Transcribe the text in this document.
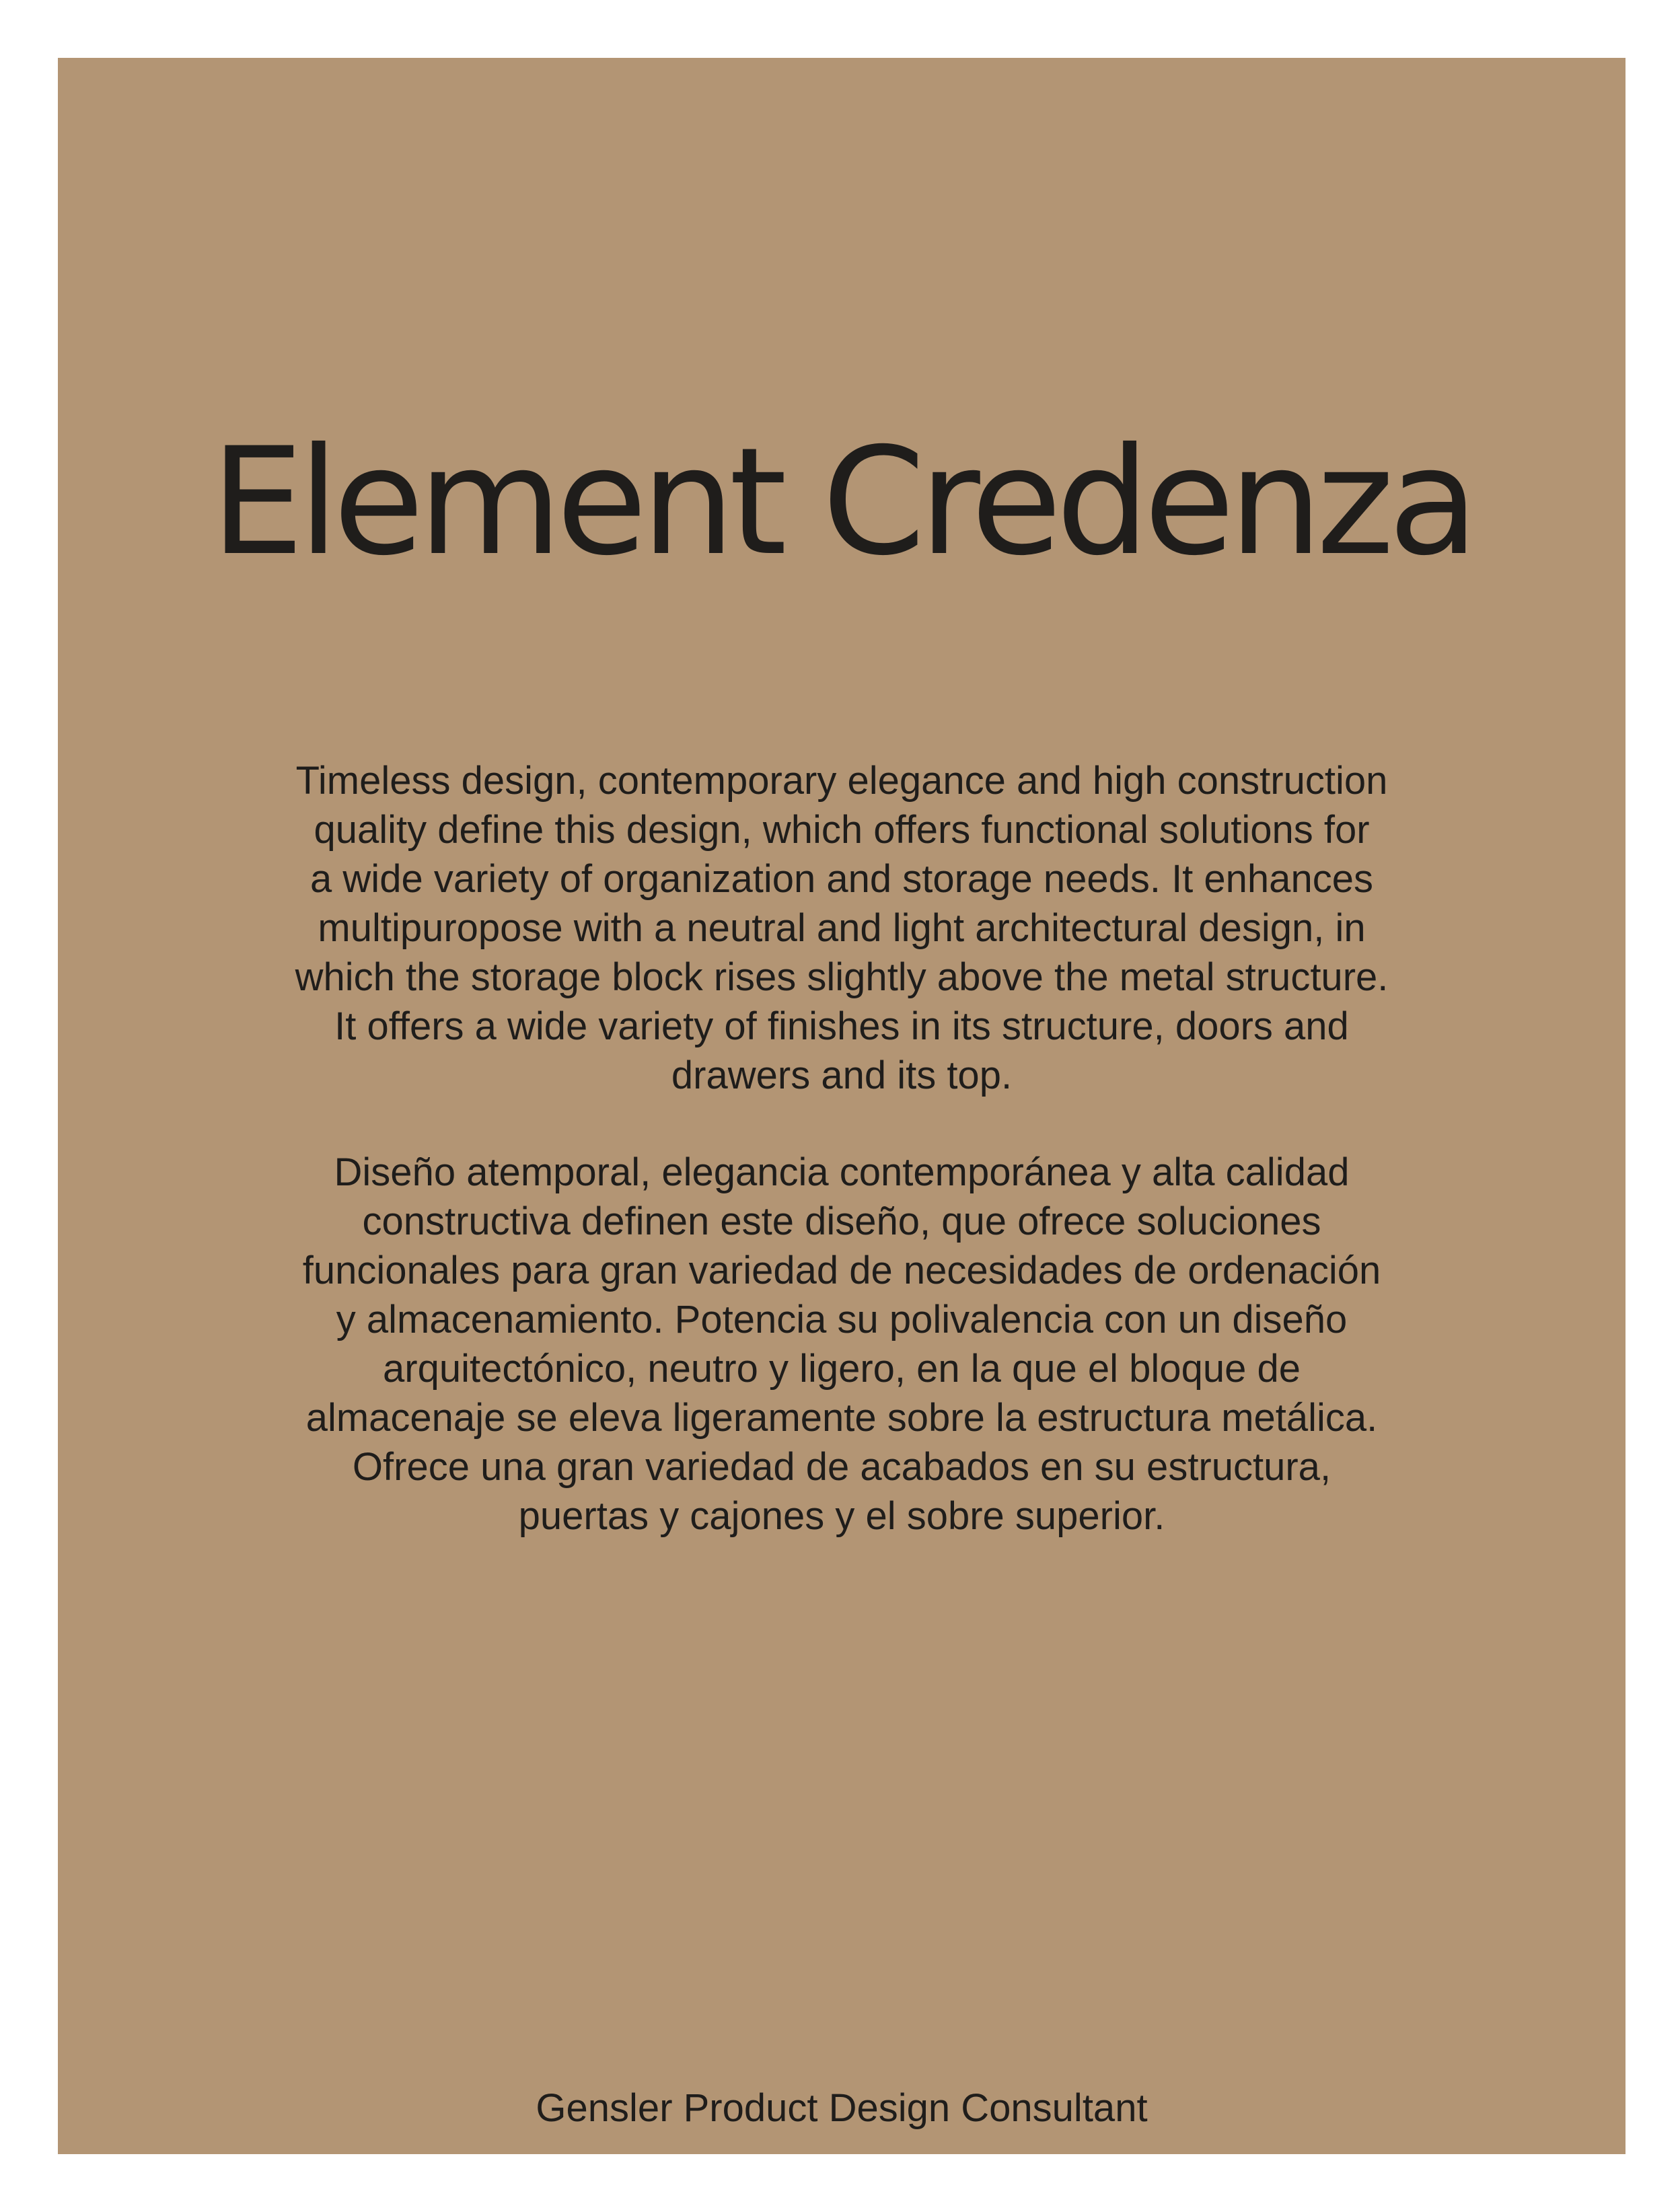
Element Credenza
Timeless design, contemporary elegance and high construction
quality define this design, which offers functional solutions for
a wide variety of organization and storage needs. It enhances
multipuropose with a neutral and light architectural design, in
which the storage block rises slightly above the metal structure.
It offers a wide variety of finishes in its structure, doors and
drawers and its top.
Diseño atemporal, elegancia contemporánea y alta calidad
constructiva definen este diseño, que ofrece soluciones
funcionales para gran variedad de necesidades de ordenación
y almacenamiento. Potencia su polivalencia con un diseño
arquitectónico, neutro y ligero, en la que el bloque de
almacenaje se eleva ligeramente sobre la estructura metálica.
Ofrece una gran variedad de acabados en su estructura,
puertas y cajones y el sobre superior.
Gensler Product Design Consultant
